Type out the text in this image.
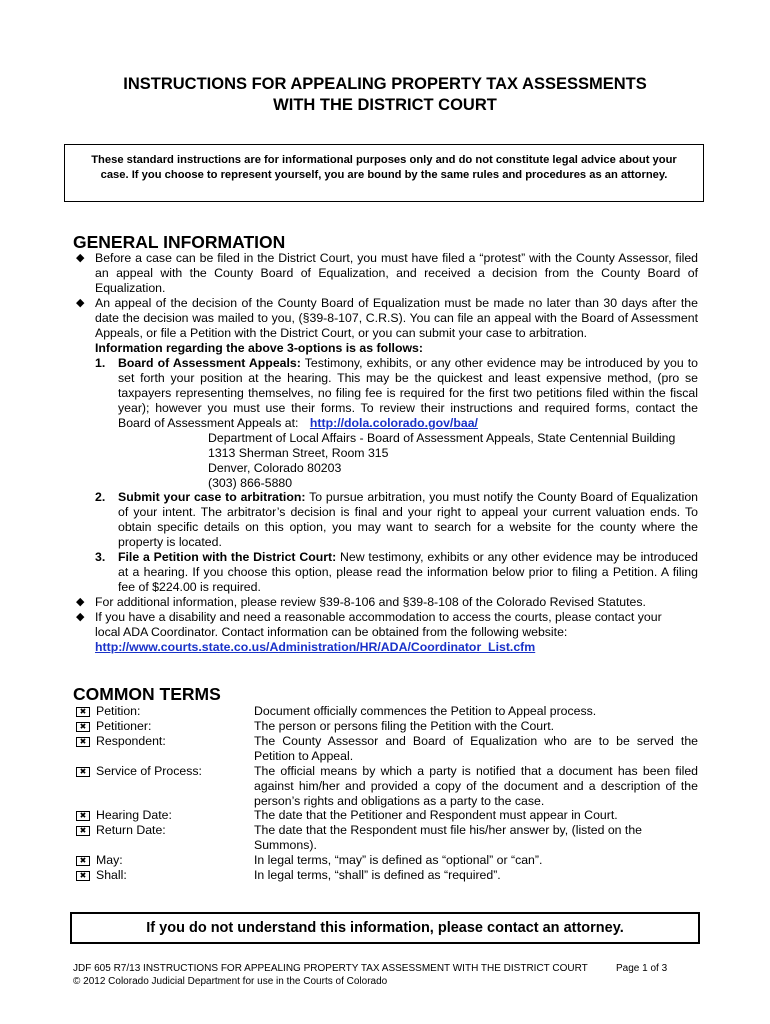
INSTRUCTIONS FOR APPEALING PROPERTY TAX ASSESSMENTS
WITH THE DISTRICT COURT
These standard instructions are for informational purposes only and do not constitute legal advice about your case. If you choose to represent yourself, you are bound by the same rules and procedures as an attorney.
GENERAL INFORMATION
◆ Before a case can be filed in the District Court, you must have filed a “protest” with the County Assessor, filed an appeal with the County Board of Equalization, and received a decision from the County Board of Equalization.
◆ An appeal of the decision of the County Board of Equalization must be made no later than 30 days after the date the decision was mailed to you, (§39-8-107, C.R.S). You can file an appeal with the Board of Assessment Appeals, or file a Petition with the District Court, or you can submit your case to arbitration.
Information regarding the above 3-options is as follows:
1. Board of Assessment Appeals: Testimony, exhibits, or any other evidence may be introduced by you to set forth your position at the hearing. This may be the quickest and least expensive method, (pro se taxpayers representing themselves, no filing fee is required for the first two petitions filed within the fiscal year); however you must use their forms. To review their instructions and required forms, contact the Board of Assessment Appeals at: http://dola.colorado.gov/baa/
Department of Local Affairs - Board of Assessment Appeals, State Centennial Building
1313 Sherman Street, Room 315
Denver, Colorado 80203
(303) 866-5880
2. Submit your case to arbitration: To pursue arbitration, you must notify the County Board of Equalization of your intent. The arbitrator’s decision is final and your right to appeal your current valuation ends. To obtain specific details on this option, you may want to search for a website for the county where the property is located.
3. File a Petition with the District Court: New testimony, exhibits or any other evidence may be introduced at a hearing. If you choose this option, please read the information below prior to filing a Petition. A filing fee of $224.00 is required.
◆ For additional information, please review §39-8-106 and §39-8-108 of the Colorado Revised Statutes.
◆ If you have a disability and need a reasonable accommodation to access the courts, please contact your local ADA Coordinator. Contact information can be obtained from the following website:
http://www.courts.state.co.us/Administration/HR/ADA/Coordinator_List.cfm
COMMON TERMS
✖ Petition:	Document officially commences the Petition to Appeal process.
✖ Petitioner:	The person or persons filing the Petition with the Court.
✖ Respondent:	The County Assessor and Board of Equalization who are to be served the Petition to Appeal.
✖ Service of Process:	The official means by which a party is notified that a document has been filed against him/her and provided a copy of the document and a description of the person’s rights and obligations as a party to the case.
✖ Hearing Date:	The date that the Petitioner and Respondent must appear in Court.
✖ Return Date:	The date that the Respondent must file his/her answer by, (listed on the Summons).
✖ May:	In legal terms, “may” is defined as “optional” or “can”.
✖ Shall:	In legal terms, “shall” is defined as “required”.
If you do not understand this information, please contact an attorney.
JDF 605 R7/13 INSTRUCTIONS FOR APPEALING PROPERTY TAX ASSESSMENT WITH THE DISTRICT COURT	Page 1 of 3
© 2012 Colorado Judicial Department for use in the Courts of Colorado
